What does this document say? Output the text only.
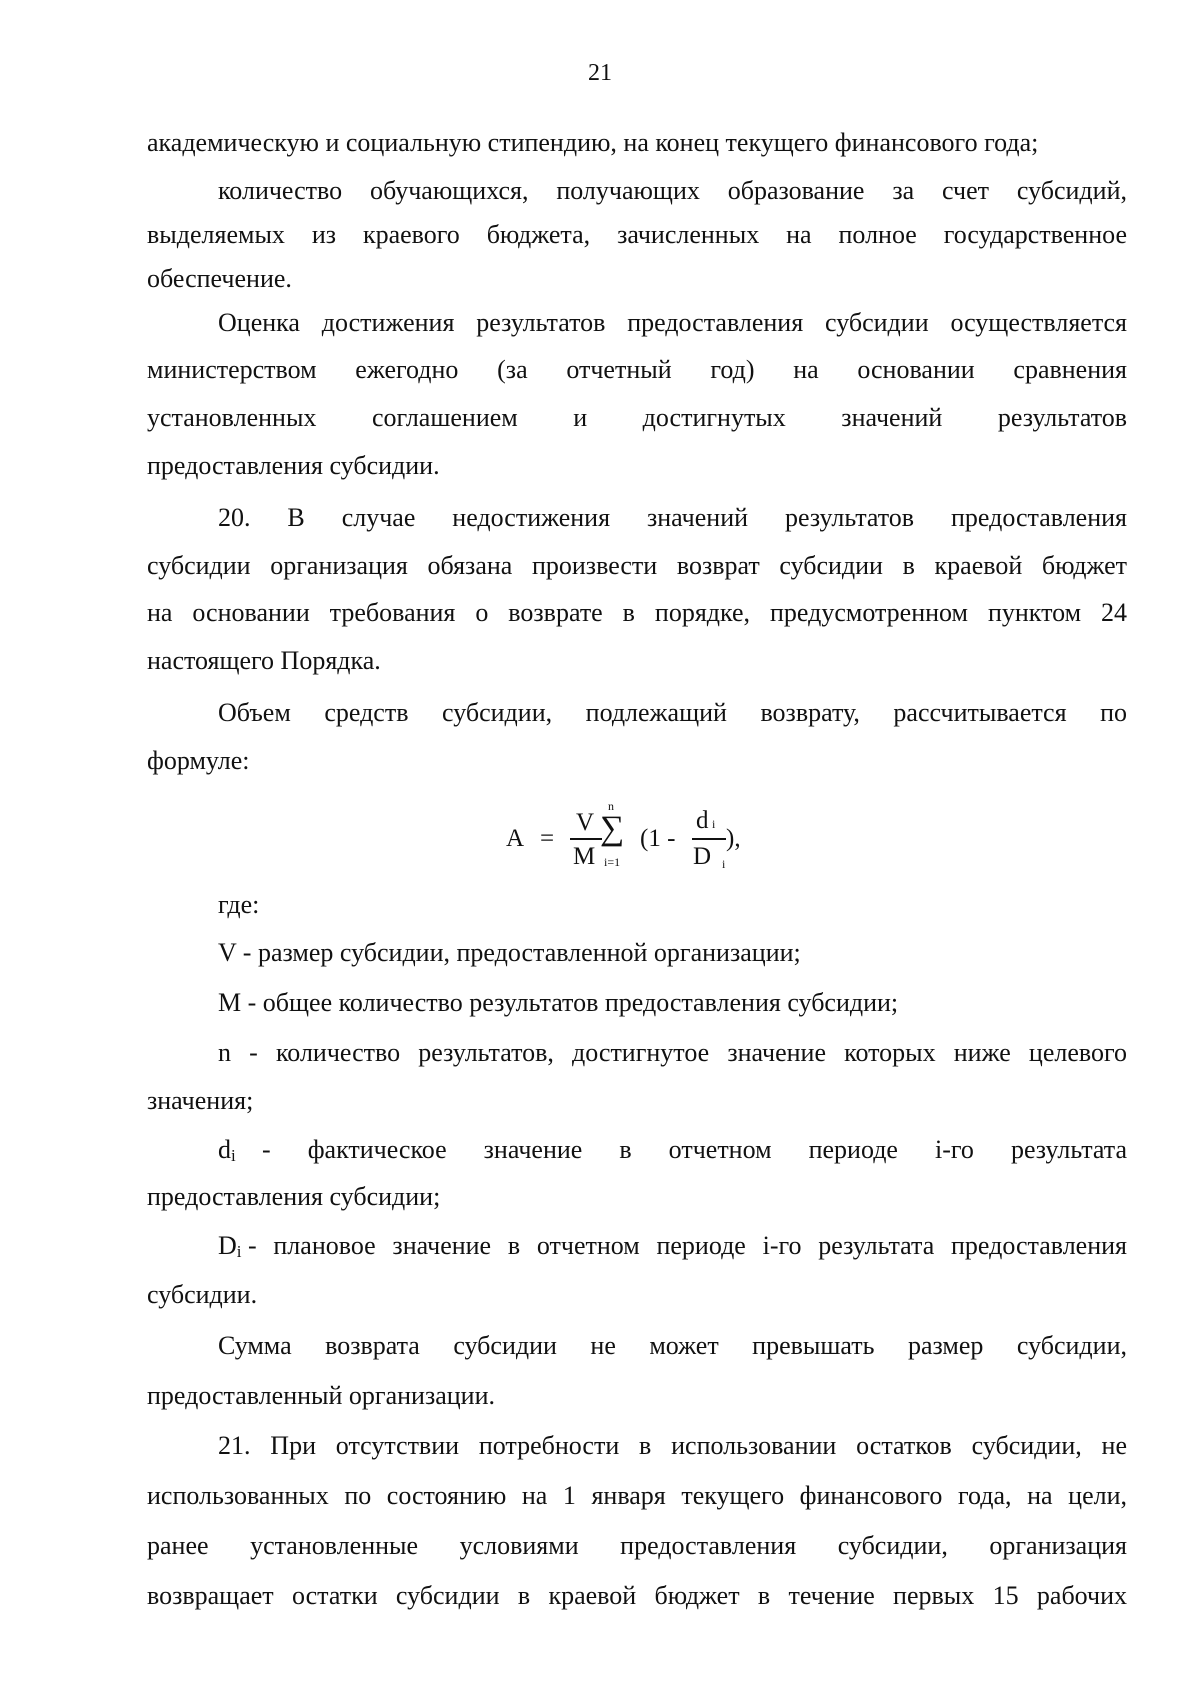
21
академическую и социальную стипендию, на конец текущего финансового года;
количество обучающихся, получающих образование за счет субсидий,
выделяемых из краевого бюджета, зачисленных на полное государственное
обеспечение.
Оценка достижения результатов предоставления субсидии осуществляется
министерством ежегодно (за отчетный год) на основании сравнения
установленных соглашением и достигнутых значений результатов
предоставления субсидии.
20. В случае недостижения значений результатов предоставления
субсидии организация обязана произвести возврат субсидии в краевой бюджет
на основании требования о возврате в порядке, предусмотренном пунктом 24
настоящего Порядка.
Объем средств субсидии, подлежащий возврату, рассчитывается по
формуле:
A =
V
M
n
∑
i=1
(1 -
d i
D i
),
где:
V - размер субсидии, предоставленной организации;
М - общее количество результатов предоставления субсидии;
n - количество результатов, достигнутое значение которых ниже целевого
значения;
di	- фактическое значение в отчетном периоде i-го результата
предоставления субсидии;
Di - плановое значение в отчетном периоде i-го результата предоставления
субсидии.
Сумма возврата субсидии не может превышать размер субсидии,
предоставленный организации.
21. При отсутствии потребности в использовании остатков субсидии, не
использованных по состоянию на 1 января текущего финансового года, на цели,
ранее установленные условиями предоставления субсидии, организация
возвращает остатки субсидии в краевой бюджет в течение первых 15 рабочих
